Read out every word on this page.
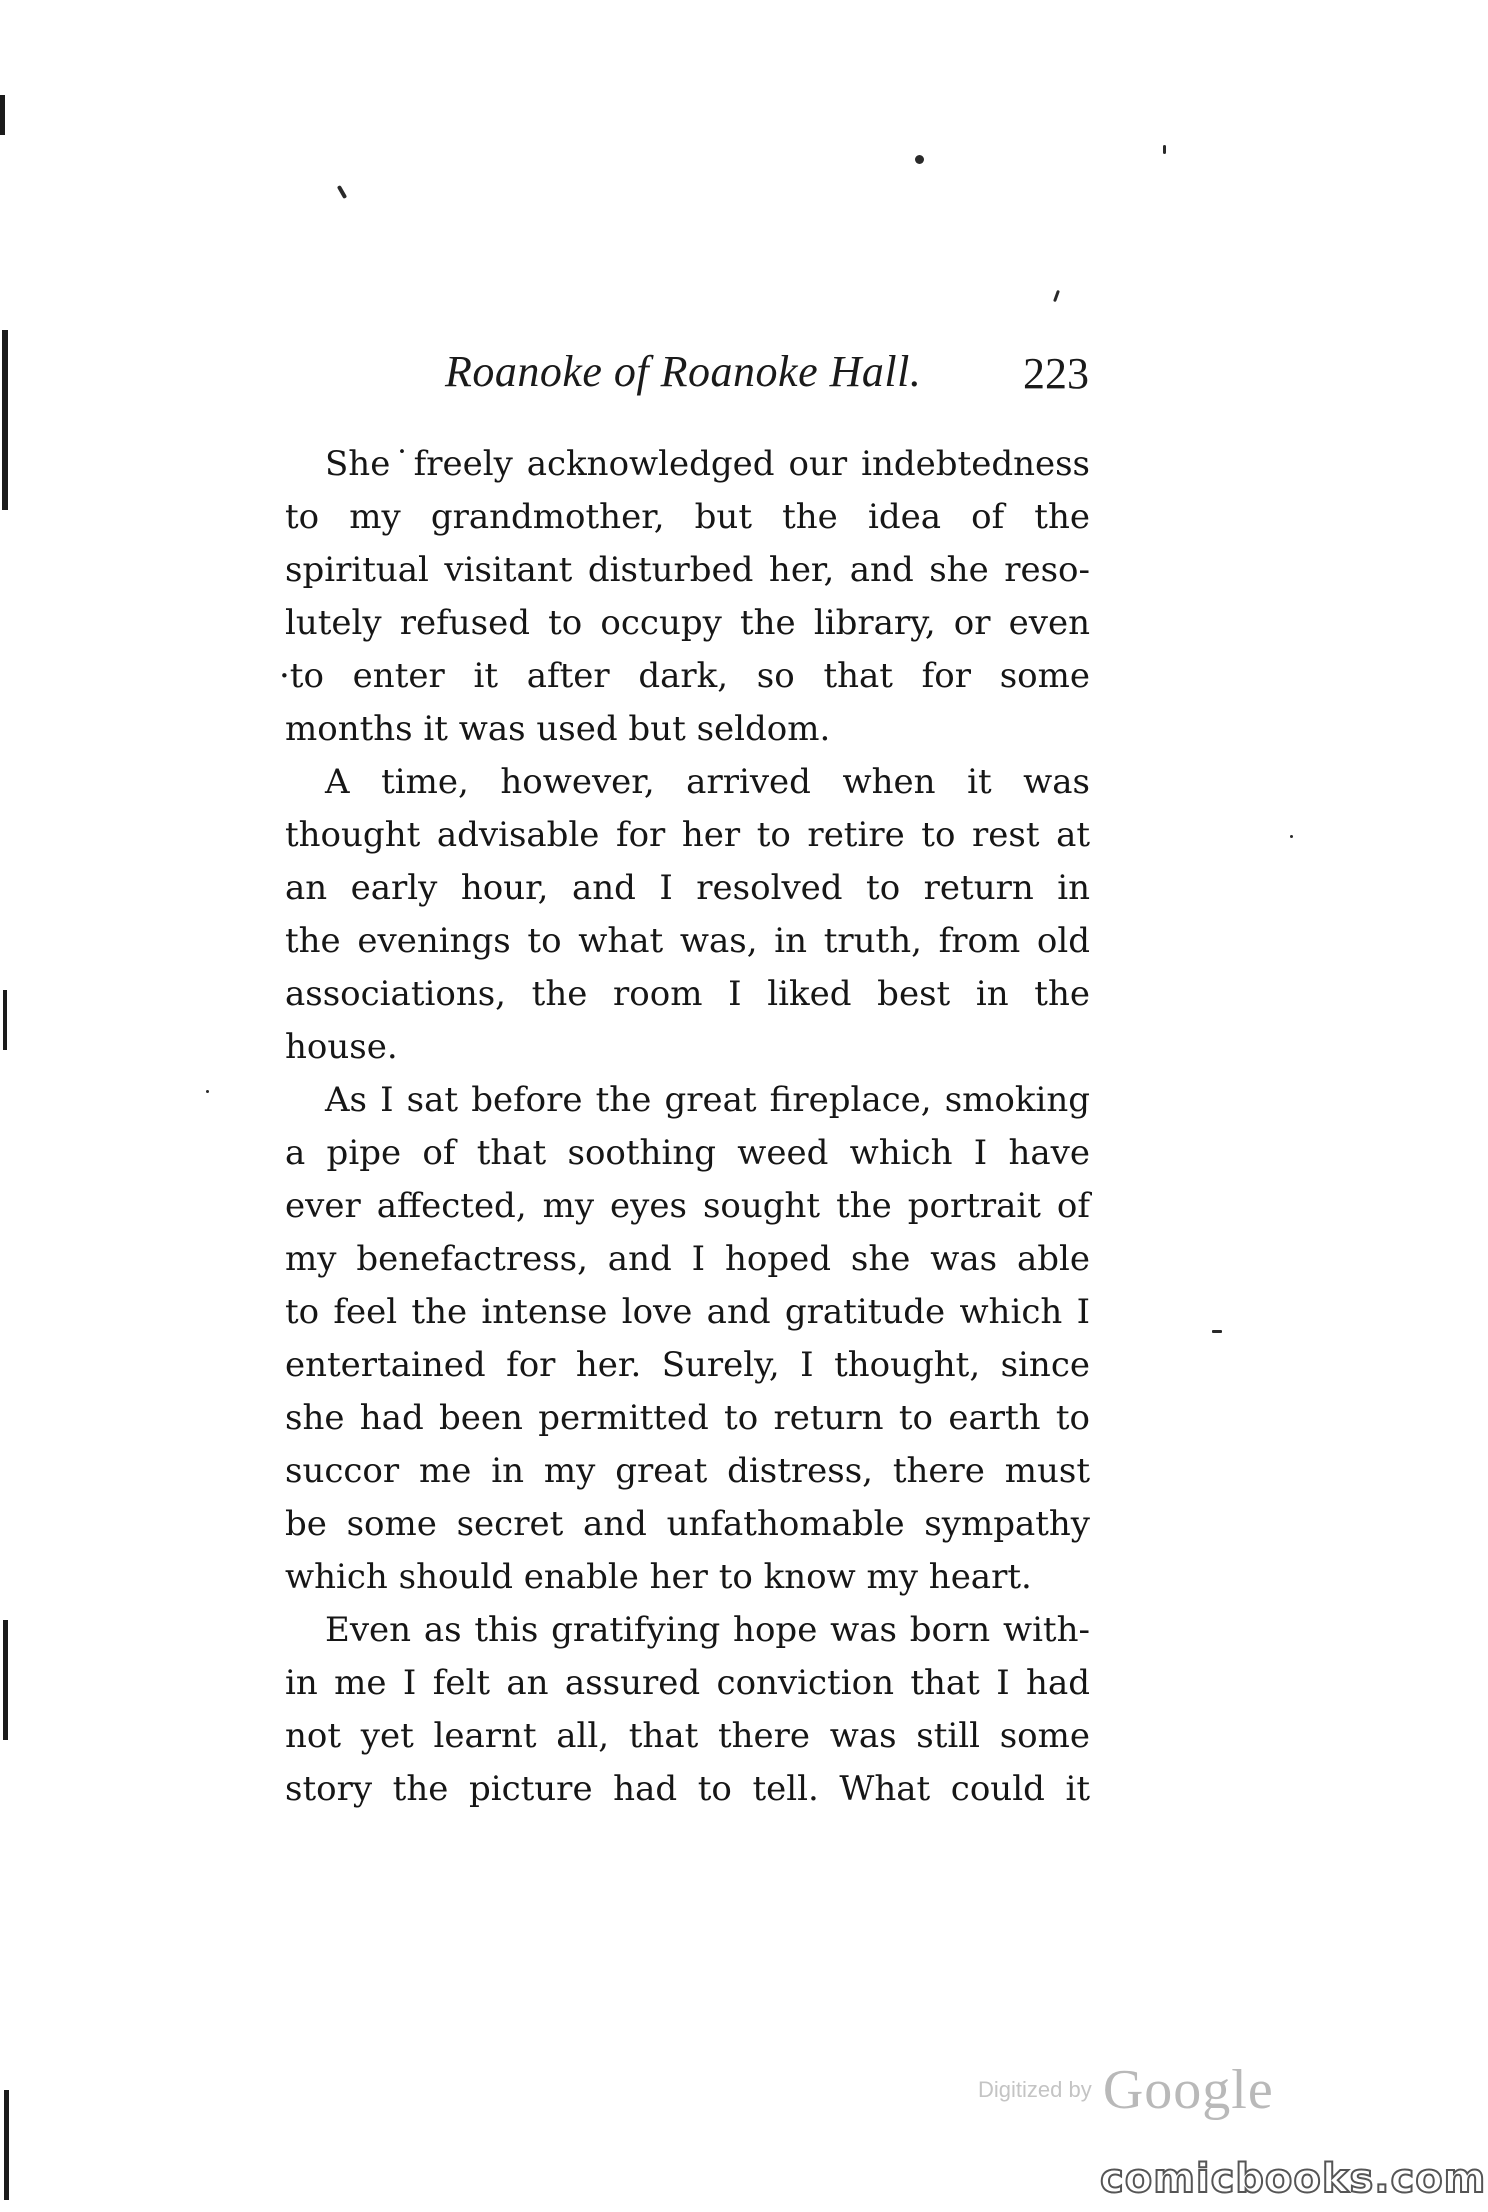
Roanoke of Roanoke Hall. 223
She˙freely acknowledged our indebtedness
to my grandmother, but the idea of the
spiritual visitant disturbed her, and she reso-
lutely refused to occupy the library, or even
·to enter it after dark, so that for some
months it was used but seldom.
A time, however, arrived when it was
thought advisable for her to retire to rest at
an early hour, and I resolved to return in
the evenings to what was, in truth, from old
associations, the room I liked best in the
house.
As I sat before the great fireplace, smoking
a pipe of that soothing weed which I have
ever affected, my eyes sought the portrait of
my benefactress, and I hoped she was able
to feel the intense love and gratitude which I
entertained for her. Surely, I thought, since
she had been permitted to return to earth to
succor me in my great distress, there must
be some secret and unfathomable sympathy
which should enable her to know my heart.
Even as this gratifying hope was born with-
in me I felt an assured conviction that I had
not yet learnt all, that there was still some
story the picture had to tell. What could it
Digitized by Google
comicbooks.com
